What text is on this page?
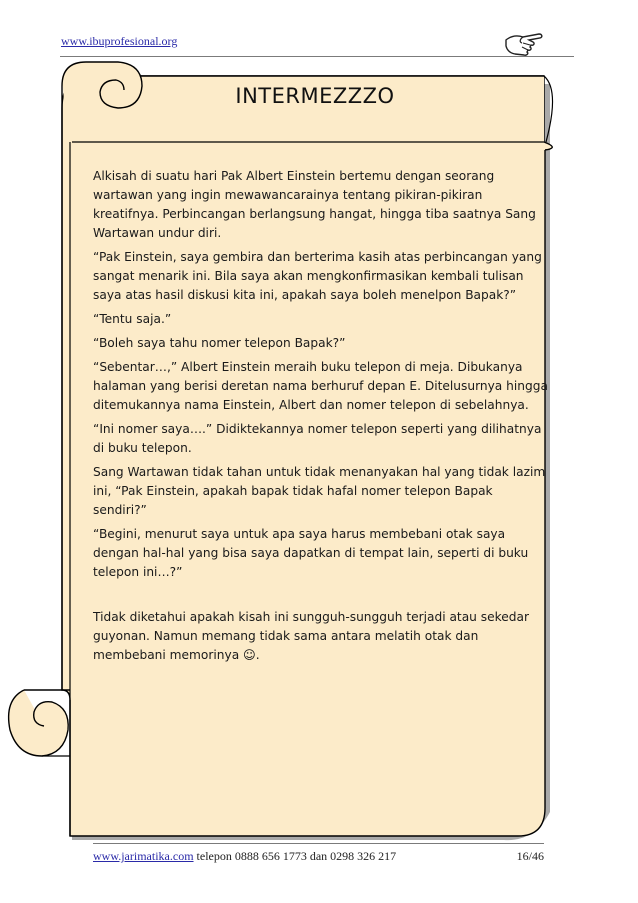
www.ibuprofesional.org
INTERMEZZZO

Alkisah di suatu hari Pak Albert Einstein bertemu dengan seorang wartawan yang ingin mewawancarainya tentang pikiran-pikiran kreatifnya. Perbincangan berlangsung hangat, hingga tiba saatnya Sang Wartawan undur diri.

“Pak Einstein, saya gembira dan berterima kasih atas perbincangan yang sangat menarik ini. Bila saya akan mengkonfirmasikan kembali tulisan saya atas hasil diskusi kita ini, apakah saya boleh menelpon Bapak?”

“Tentu saja.”

“Boleh saya tahu nomer telepon Bapak?”

“Sebentar…,” Albert Einstein meraih buku telepon di meja. Dibukanya halaman yang berisi deretan nama berhuruf depan E. Ditelusurnya hingga ditemukannya nama Einstein, Albert dan nomer telepon di sebelahnya.

“Ini nomer saya….” Didiktekannya nomer telepon seperti yang dilihatnya di buku telepon.

Sang Wartawan tidak tahan untuk tidak menanyakan hal yang tidak lazim ini, “Pak Einstein, apakah bapak tidak hafal nomer telepon Bapak sendiri?”

“Begini, menurut saya untuk apa saya harus membebani otak saya dengan hal-hal yang bisa saya dapatkan di tempat lain, seperti di buku telepon ini…?”

Tidak diketahui apakah kisah ini sungguh-sungguh terjadi atau sekedar guyonan. Namun memang tidak sama antara melatih otak dan membebani memorinya ☺.

www.jarimatika.com telepon 0888 656 1773 dan 0298 326 217	16/46
